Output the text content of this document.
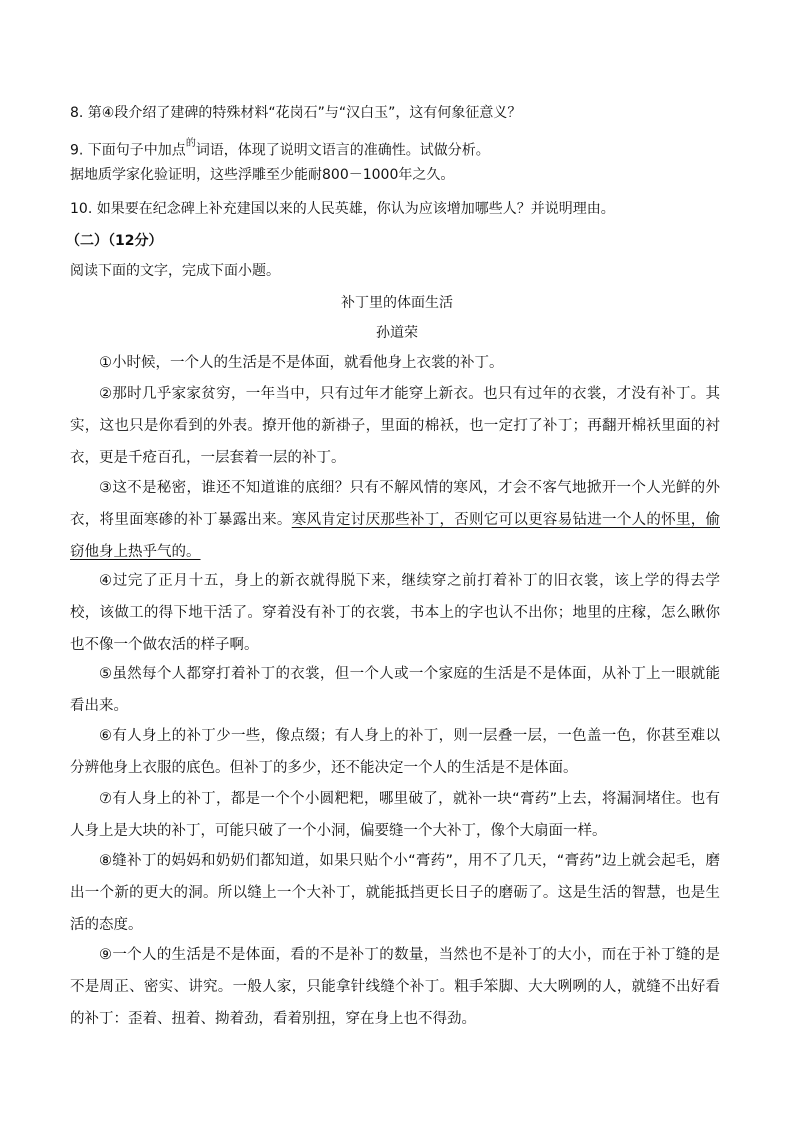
8. 第④段介绍了建碑的特殊材料“花岗石”与“汉白玉”，这有何象征意义？
9. 下面句子中加点$^的$词语，体现了说明文语言的准确性。试做分析。
据地质学家化验证明，这些浮雕至少能耐800－1000年之久。
10. 如果要在纪念碑上补充建国以来的人民英雄，你认为应该增加哪些人？并说明理由。
（二）（12分）
阅读下面的文字，完成下面小题。
补丁里的体面生活
孙道荣
①小时候，一个人的生活是不是体面，就看他身上衣裳的补丁。
②那时几乎家家贫穷，一年当中，只有过年才能穿上新衣。也只有过年的衣裳，才没有补丁。其实，这也只是你看到的外表。撩开他的新褂子，里面的棉袄，也一定打了补丁；再翻开棉袄里面的衬衣，更是千疮百孔，一层套着一层的补丁。
③这不是秘密，谁还不知道谁的底细？只有不解风情的寒风，才会不客气地掀开一个人光鲜的外衣，将里面寒碜的补丁暴露出来。寒风肯定讨厌那些补丁，否则它可以更容易钻进一个人的怀里，偷窃他身上热乎气的。
④过完了正月十五，身上的新衣就得脱下来，继续穿之前打着补丁的旧衣裳，该上学的得去学校，该做工的得下地干活了。穿着没有补丁的衣裳，书本上的字也认不出你；地里的庄稼，怎么瞅你也不像一个做农活的样子啊。
⑤虽然每个人都穿打着补丁的衣裳，但一个人或一个家庭的生活是不是体面，从补丁上一眼就能看出来。
⑥有人身上的补丁少一些，像点缀；有人身上的补丁，则一层叠一层，一色盖一色，你甚至难以分辨他身上衣服的底色。但补丁的多少，还不能决定一个人的生活是不是体面。
⑦有人身上的补丁，都是一个个小圆粑粑，哪里破了，就补一块“膏药”上去，将漏洞堵住。也有人身上是大块的补丁，可能只破了一个小洞，偏要缝一个大补丁，像个大扇面一样。
⑧缝补丁的妈妈和奶奶们都知道，如果只贴个小“膏药”，用不了几天，“膏药”边上就会起毛，磨出一个新的更大的洞。所以缝上一个大补丁，就能抵挡更长日子的磨砺了。这是生活的智慧，也是生活的态度。
⑨一个人的生活是不是体面，看的不是补丁的数量，当然也不是补丁的大小，而在于补丁缝的是不是周正、密实、讲究。一般人家，只能拿针线缝个补丁。粗手笨脚、大大咧咧的人，就缝不出好看的补丁：歪着、扭着、拗着劲，看着别扭，穿在身上也不得劲。
